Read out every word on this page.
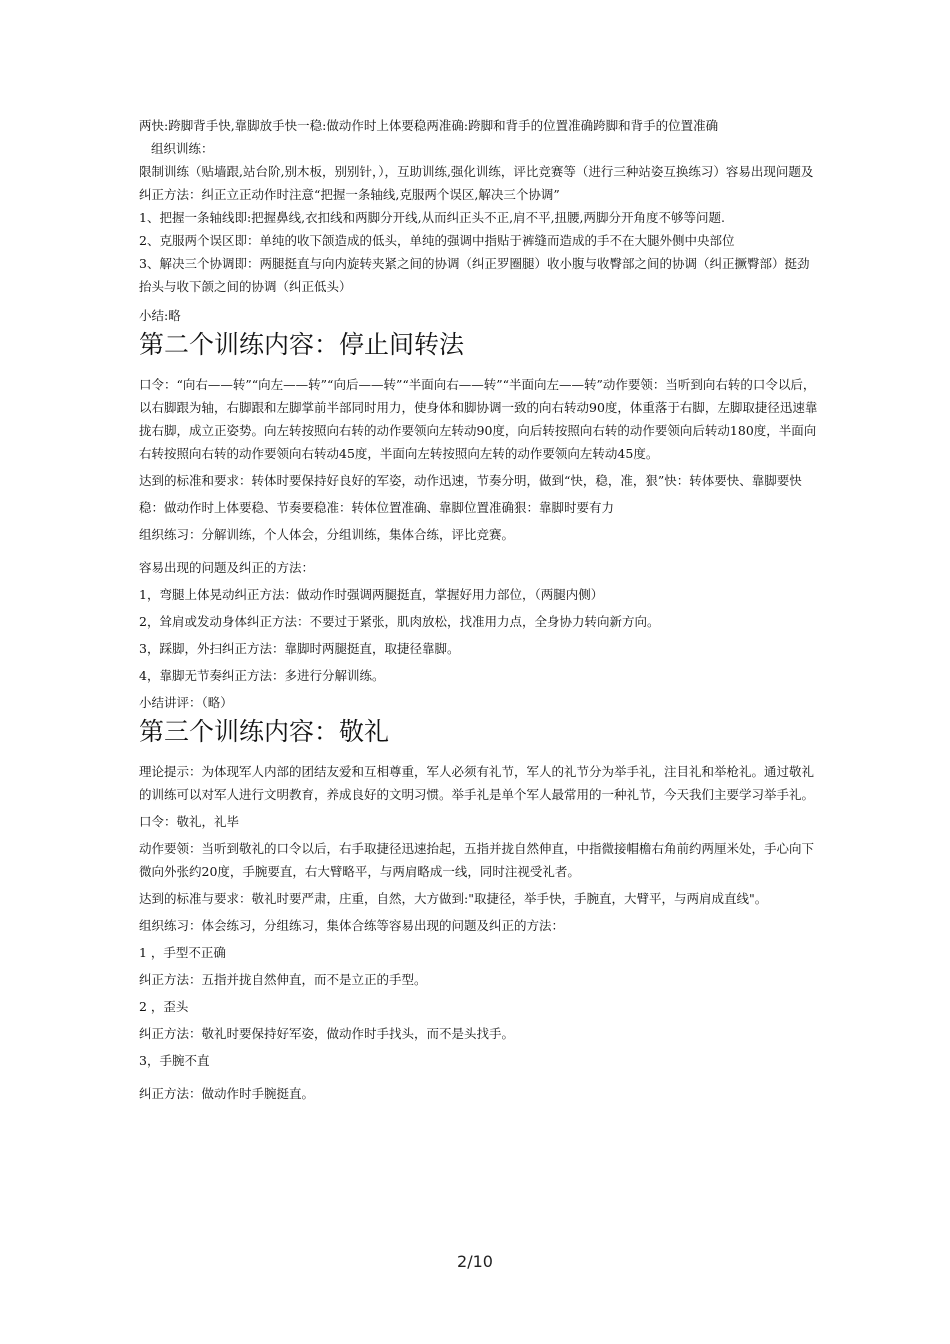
两快:跨脚背手快,靠脚放手快一稳:做动作时上体要稳两准确:跨脚和背手的位置准确跨脚和背手的位置准确

组织训练：

限制训练（贴墙跟,站台阶,别木板，别别针，），互助训练,强化训练，评比竞赛等（进行三种站姿互换练习）容易出现问题及纠正方法：纠正立正动作时注意“把握一条轴线,克服两个误区,解决三个协调”

1、把握一条轴线即:把握鼻线,衣扣线和两脚分开线,从而纠正头不正,肩不平,扭腰,两脚分开角度不够等问题.

2、克服两个误区即：单纯的收下颌造成的低头，单纯的强调中指贴于裤缝而造成的手不在大腿外侧中央部位

3、解决三个协调即：两腿挺直与向内旋转夹紧之间的协调（纠正罗圈腿）收小腹与收臀部之间的协调（纠正撅臀部）挺劲抬头与收下颌之间的协调（纠正低头）

小结:略

第二个训练内容：停止间转法

口令：“向右——转”“向左——转”“向后——转”“半面向右——转”“半面向左——转”动作要领：当听到向右转的口令以后，以右脚跟为轴，右脚跟和左脚掌前半部同时用力，使身体和脚协调一致的向右转动90度，体重落于右脚，左脚取捷径迅速靠拢右脚，成立正姿势。向左转按照向右转的动作要领向左转动90度，向后转按照向右转的动作要领向后转动180度，半面向右转按照向右转的动作要领向右转动45度，半面向左转按照向左转的动作要领向左转动45度。

达到的标准和要求：转体时要保持好良好的军姿，动作迅速，节奏分明，做到“快，稳，准，狠”快：转体要快、靠脚要快

稳：做动作时上体要稳、节奏要稳准：转体位置准确、靠脚位置准确狠：靠脚时要有力

组织练习：分解训练，个人体会，分组训练，集体合练，评比竞赛。

容易出现的问题及纠正的方法：

1，弯腿上体晃动纠正方法：做动作时强调两腿挺直，掌握好用力部位，（两腿内侧）

2，耸肩或发动身体纠正方法：不要过于紧张，肌肉放松，找准用力点，全身协力转向新方向。

3，踩脚，外扫纠正方法：靠脚时两腿挺直，取捷径靠脚。

4，靠脚无节奏纠正方法：多进行分解训练。

小结讲评：（略）

第三个训练内容：敬礼

理论提示：为体现军人内部的团结友爱和互相尊重，军人必须有礼节，军人的礼节分为举手礼，注目礼和举枪礼。通过敬礼的训练可以对军人进行文明教育，养成良好的文明习惯。举手礼是单个军人最常用的一种礼节，今天我们主要学习举手礼。

口令：敬礼，礼毕

动作要领：当听到敬礼的口令以后，右手取捷径迅速抬起，五指并拢自然伸直，中指微接帽檐右角前约两厘米处，手心向下微向外张约20度，手腕要直，右大臂略平，与两肩略成一线，同时注视受礼者。

达到的标准与要求：敬礼时要严肃，庄重，自然，大方做到:"取捷径，举手快，手腕直，大臂平，与两肩成直线"。

组织练习：体会练习，分组练习，集体合练等容易出现的问题及纠正的方法：

1 ，手型不正确

纠正方法：五指并拢自然伸直，而不是立正的手型。

2 ，歪头

纠正方法：敬礼时要保持好军姿，做动作时手找头，而不是头找手。

3，手腕不直

纠正方法：做动作时手腕挺直。

2/10
